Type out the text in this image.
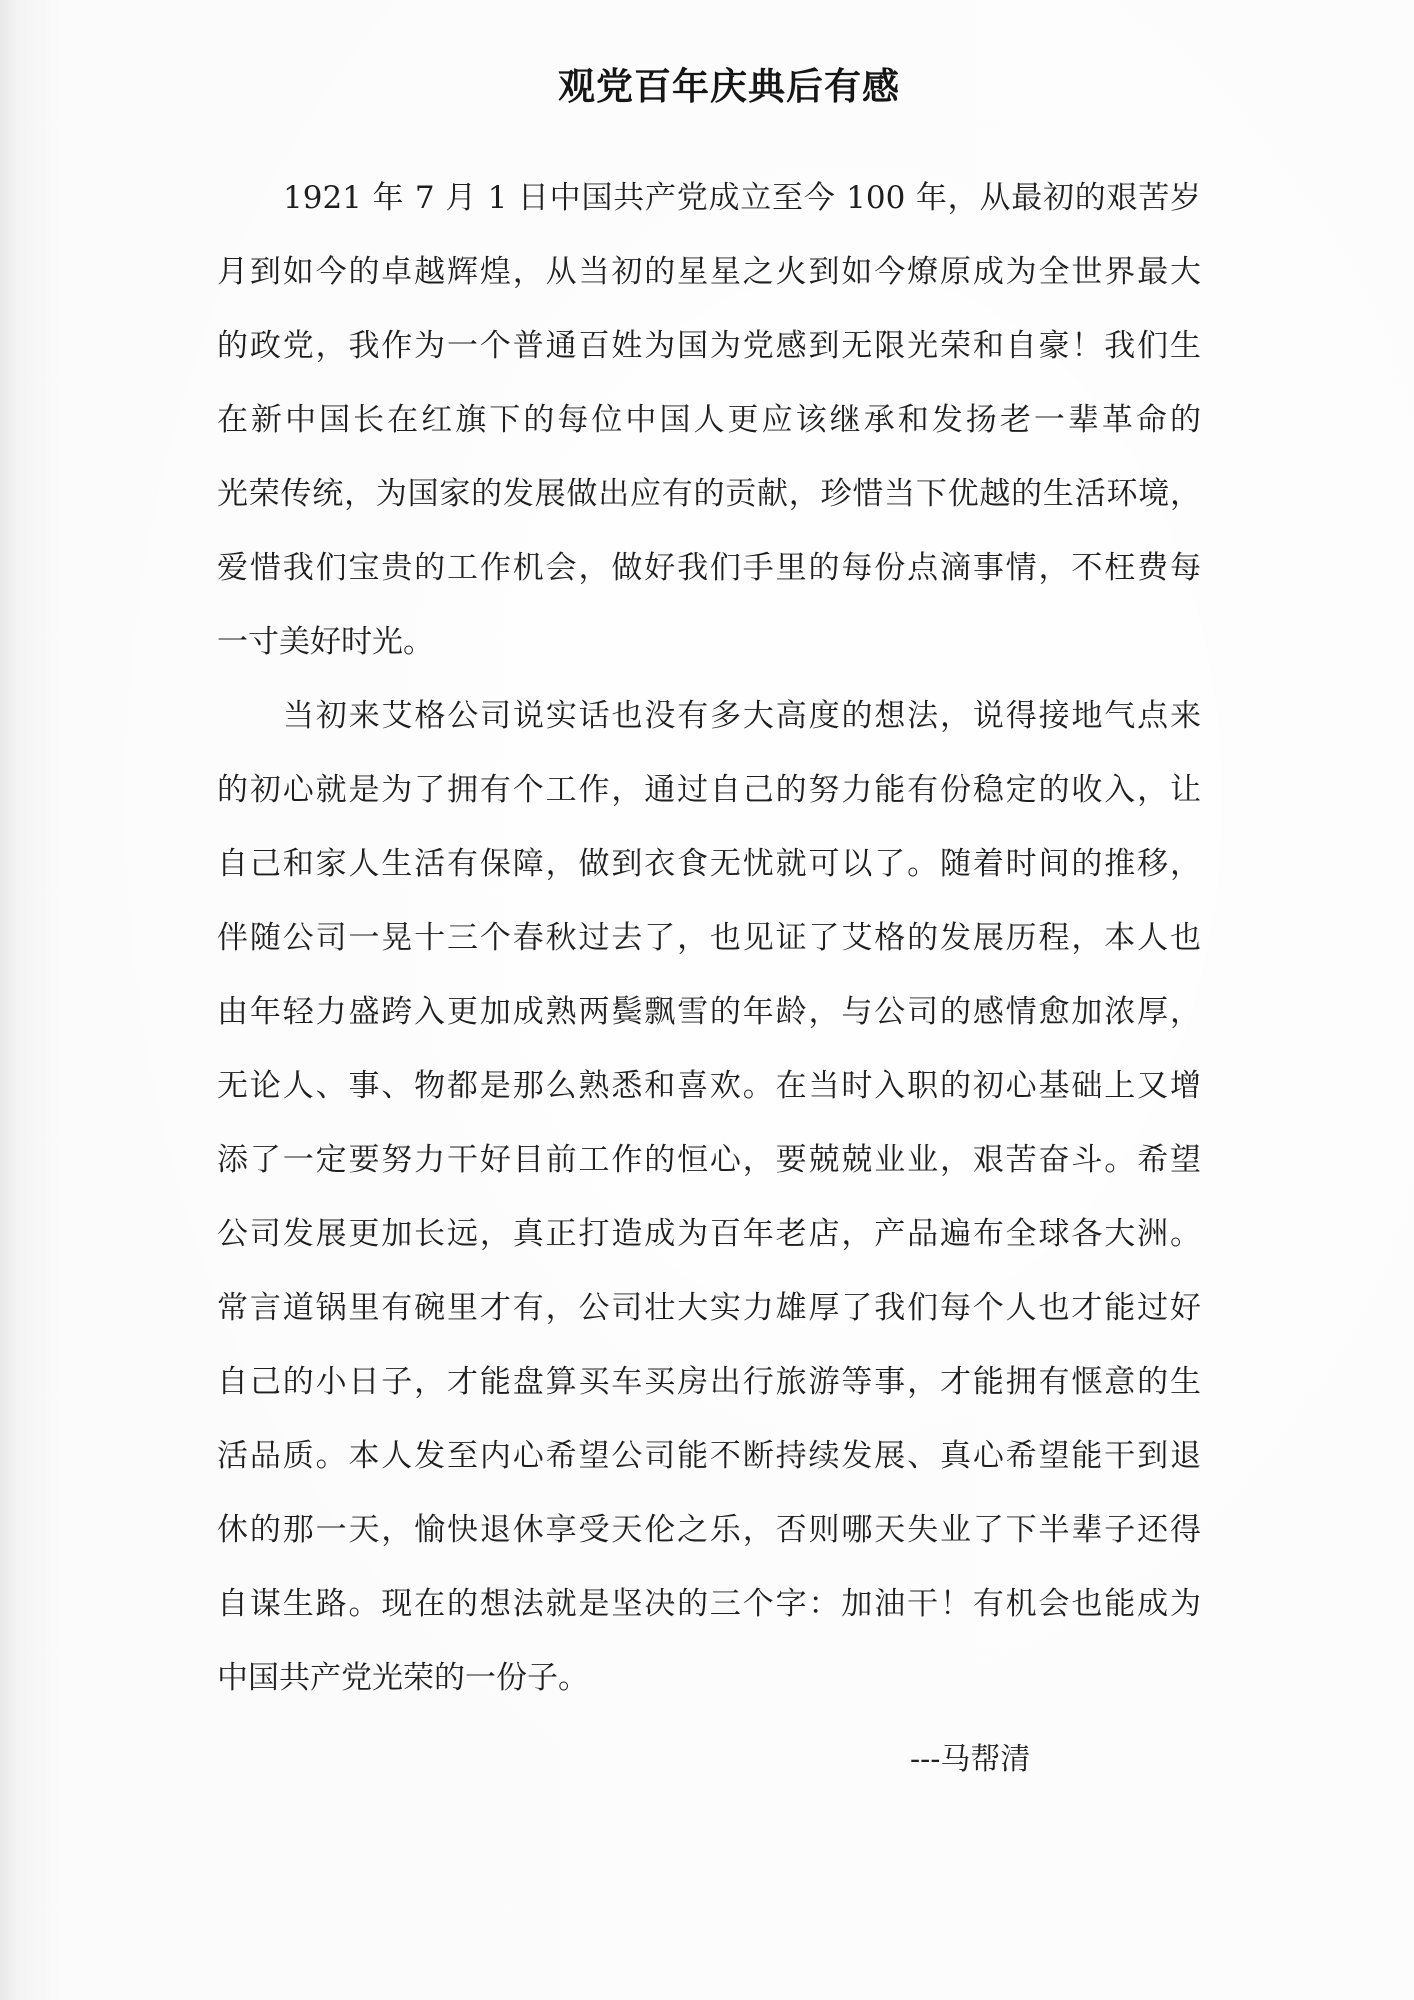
观党百年庆典后有感
1921 年 7 月 1 日中国共产党成立至今 100 年，从最初的艰苦岁
月到如今的卓越辉煌，从当初的星星之火到如今燎原成为全世界最大
的政党，我作为一个普通百姓为国为党感到无限光荣和自豪！我们生
在新中国长在红旗下的每位中国人更应该继承和发扬老一辈革命的
光荣传统，为国家的发展做出应有的贡献，珍惜当下优越的生活环境，
爱惜我们宝贵的工作机会，做好我们手里的每份点滴事情，不枉费每
一寸美好时光。
当初来艾格公司说实话也没有多大高度的想法，说得接地气点来
的初心就是为了拥有个工作，通过自己的努力能有份稳定的收入，让
自己和家人生活有保障，做到衣食无忧就可以了。随着时间的推移，
伴随公司一晃十三个春秋过去了，也见证了艾格的发展历程，本人也
由年轻力盛跨入更加成熟两鬓飘雪的年龄，与公司的感情愈加浓厚，
无论人、事、物都是那么熟悉和喜欢。在当时入职的初心基础上又增
添了一定要努力干好目前工作的恒心，要兢兢业业，艰苦奋斗。希望
公司发展更加长远，真正打造成为百年老店，产品遍布全球各大洲。
常言道锅里有碗里才有，公司壮大实力雄厚了我们每个人也才能过好
自己的小日子，才能盘算买车买房出行旅游等事，才能拥有惬意的生
活品质。本人发至内心希望公司能不断持续发展、真心希望能干到退
休的那一天，愉快退休享受天伦之乐，否则哪天失业了下半辈子还得
自谋生路。现在的想法就是坚决的三个字：加油干！有机会也能成为
中国共产党光荣的一份子。
---马帮清
